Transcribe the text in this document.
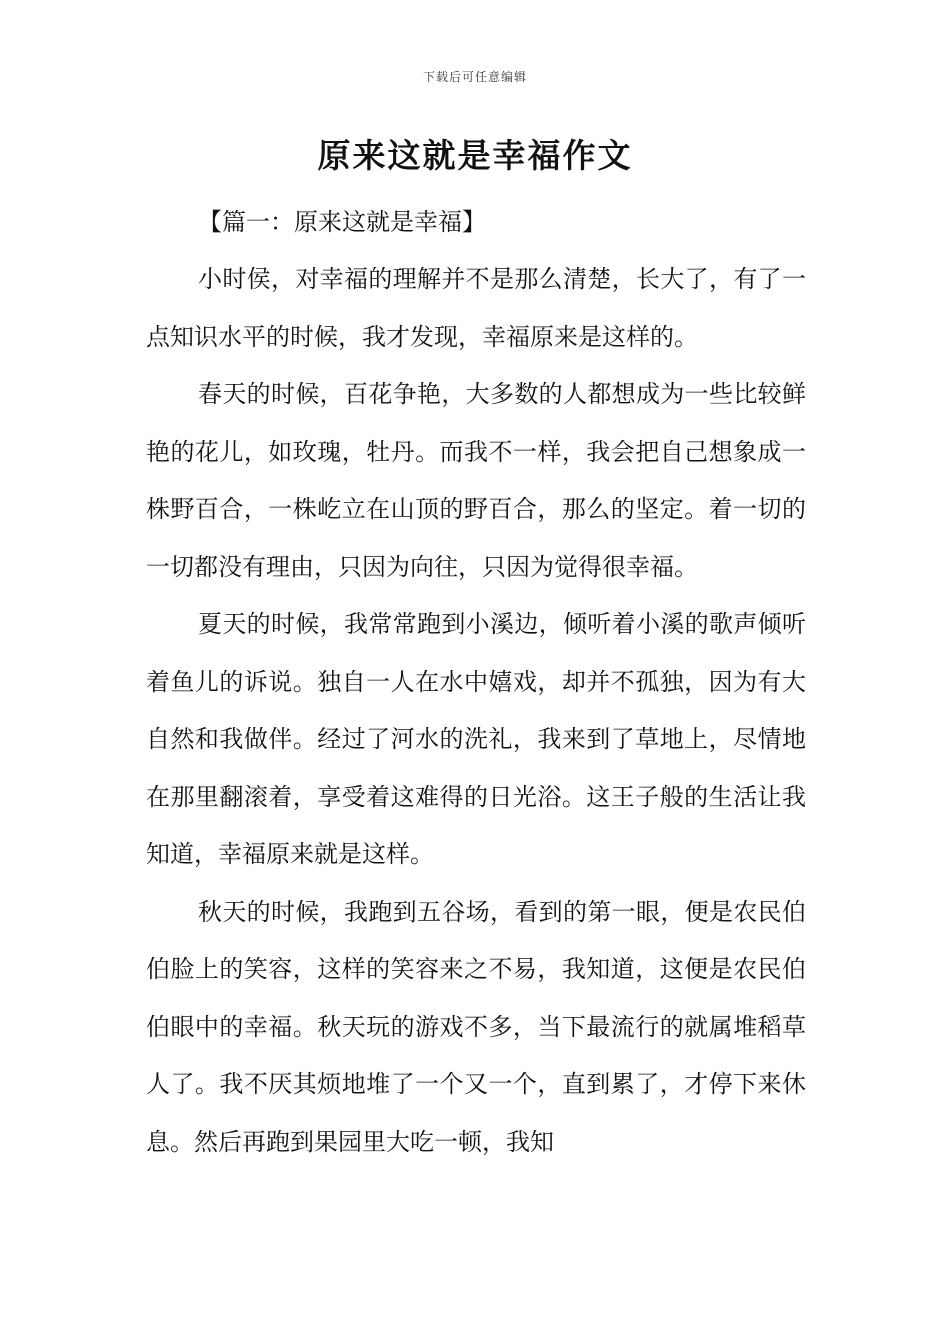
下载后可任意编辑
原来这就是幸福作文

【篇一：原来这就是幸福】

小时侯，对幸福的理解并不是那么清楚，长大了，有了一点知识水平的时候，我才发现，幸福原来是这样的。

春天的时候，百花争艳，大多数的人都想成为一些比较鲜艳的花儿，如玫瑰，牡丹。而我不一样，我会把自己想象成一株野百合，一株屹立在山顶的野百合，那么的坚定。着一切的一切都没有理由，只因为向往，只因为觉得很幸福。

夏天的时候，我常常跑到小溪边，倾听着小溪的歌声倾听着鱼儿的诉说。独自一人在水中嬉戏，却并不孤独，因为有大自然和我做伴。经过了河水的洗礼，我来到了草地上，尽情地在那里翻滚着，享受着这难得的日光浴。这王子般的生活让我知道，幸福原来就是这样。

秋天的时候，我跑到五谷场，看到的第一眼，便是农民伯伯脸上的笑容，这样的笑容来之不易，我知道，这便是农民伯伯眼中的幸福。秋天玩的游戏不多，当下最流行的就属堆稻草人了。我不厌其烦地堆了一个又一个，直到累了，才停下来休息。然后再跑到果园里大吃一顿，我知
